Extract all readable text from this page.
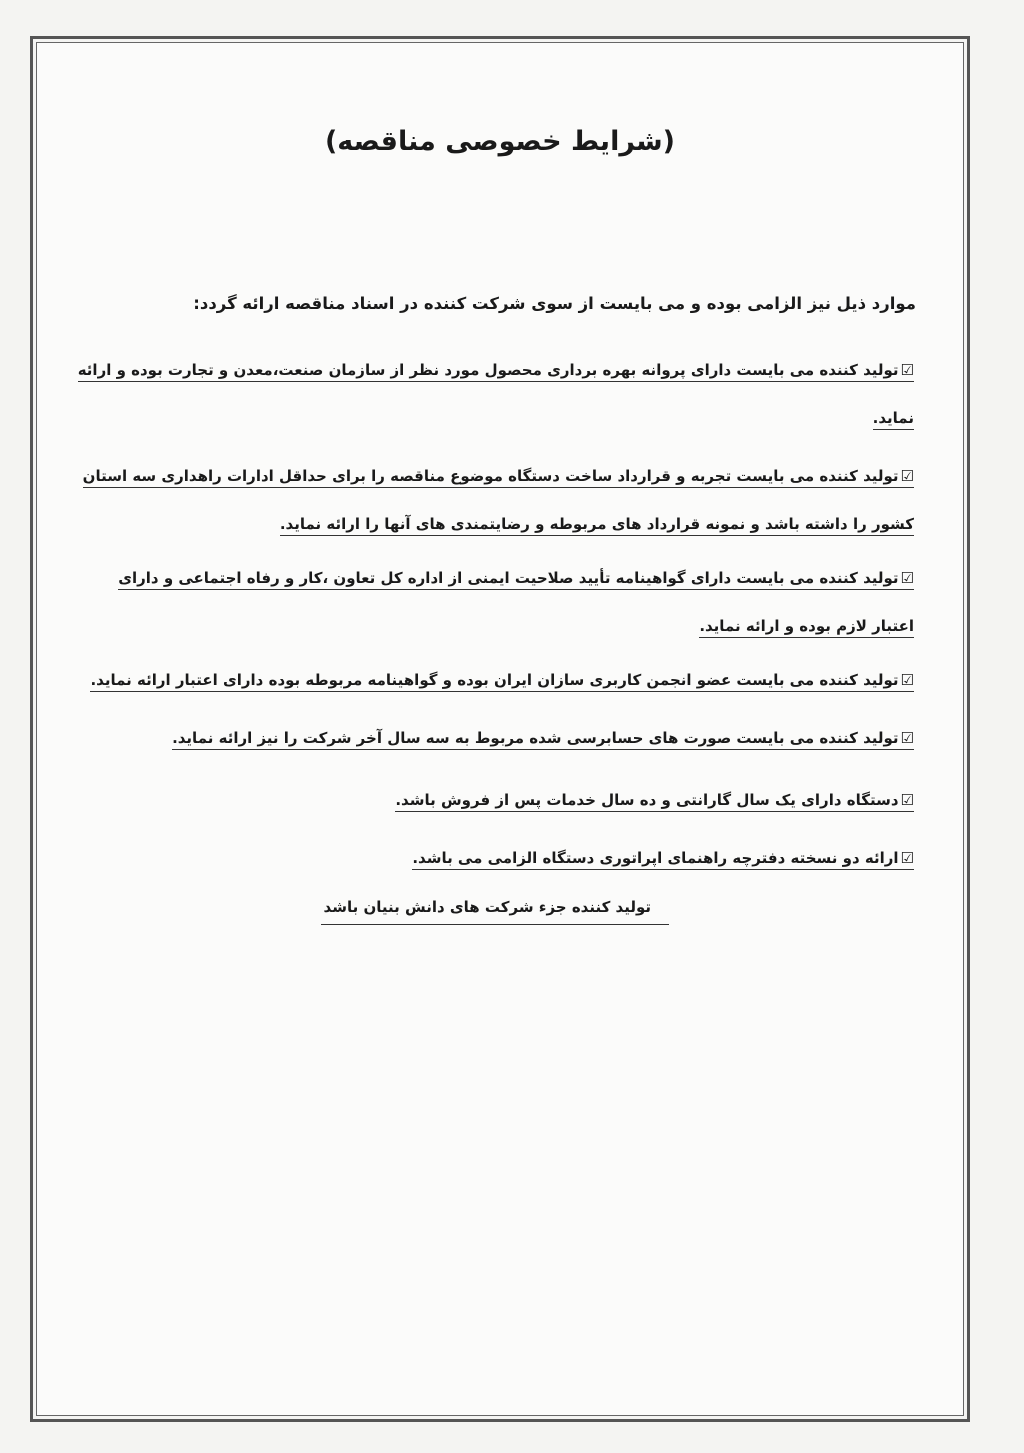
(شرایط خصوصی مناقصه)
موارد ذیل نیز الزامی بوده و می بایست از سوی شرکت کننده در اسناد مناقصه ارائه گردد:
☑تولید کننده می بایست دارای پروانه بهره برداری محصول مورد نظر از سازمان صنعت،معدن و تجارت بوده و ارائه نماید.
☑تولید کننده می بایست تجربه و قرارداد ساخت دستگاه موضوع مناقصه را برای حداقل ادارات راهداری سه استان کشور را داشته باشد و نمونه قرارداد های مربوطه و رضایتمندی های آنها را ارائه نماید.
☑تولید کننده می بایست دارای گواهینامه تأیید صلاحیت ایمنی از اداره کل تعاون ،کار و رفاه اجتماعی و دارای اعتبار لازم بوده و ارائه نماید.
☑تولید کننده می بایست عضو انجمن کاربری سازان ایران بوده و گواهینامه مربوطه بوده دارای اعتبار ارائه نماید.
☑تولید کننده می بایست صورت های حسابرسی شده مربوط به سه سال آخر شرکت را نیز ارائه نماید.
☑دستگاه دارای یک سال گارانتی و ده سال خدمات پس از فروش باشد.
☑ارائه دو نسخته دفترچه راهنمای اپراتوری دستگاه الزامی می باشد.
تولید کننده جزء شرکت های دانش بنیان باشد
